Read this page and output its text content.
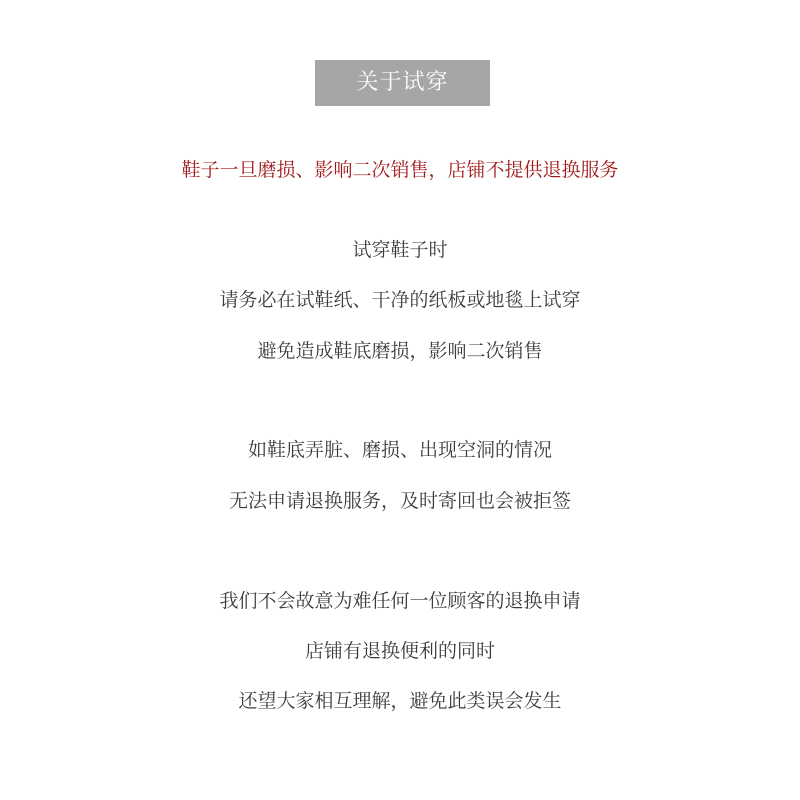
关于试穿
鞋子一旦磨损、影响二次销售，店铺不提供退换服务
试穿鞋子时
请务必在试鞋纸、干净的纸板或地毯上试穿
避免造成鞋底磨损，影响二次销售
如鞋底弄脏、磨损、出现空洞的情况
无法申请退换服务，及时寄回也会被拒签
我们不会故意为难任何一位顾客的退换申请
店铺有退换便利的同时
还望大家相互理解，避免此类误会发生
